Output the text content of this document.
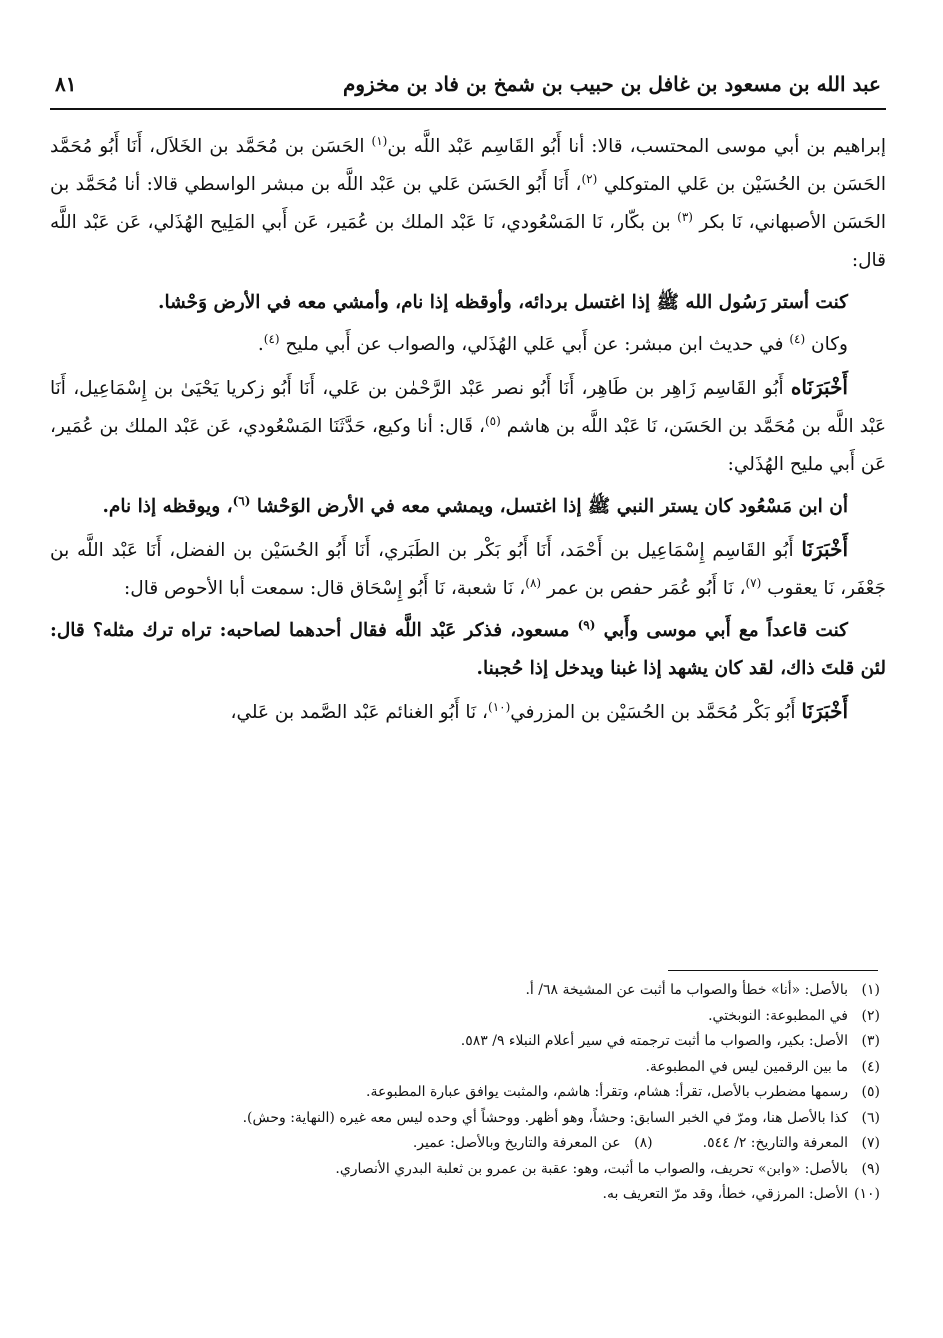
عبد الله بن مسعود بن غافل بن حبيب بن شمخ بن فاد بن مخزوم
٨١

إبراهيم بن أبي موسى المحتسب، قالا: أنا أَبُو القَاسِم عَبْد اللَّه بن$^{(١)}$ الحَسَن بن مُحَمَّد بن الخَلاَل، أَنَا أَبُو مُحَمَّد الحَسَن بن الحُسَيْن بن عَلي المتوكلي $^{(٢)}$، أَنَا أَبُو الحَسَن عَلي بن عَبْد اللَّه بن مبشر الواسطي قالا: أنا مُحَمَّد بن الحَسَن الأصبهاني، نَا بكر $^{(٣)}$ بن بكّار، نَا المَسْعُودي، نَا عَبْد الملك بن عُمَير، عَن أَبي المَلِيح الهُذَلي، عَن عَبْد اللَّه قال:

كنت أستر رَسُول الله ﷺ إذا اغتسل بردائه، وأوقظه إذا نام، وأمشي معه في الأرض وَحْشا.

وكان $^{(٤)}$ في حديث ابن مبشر: عن أَبي عَلي الهُذَلي، والصواب عن أَبي مليح $^{(٤)}$.

أَخْبَرَنَاه أَبُو القَاسِم زَاهِر بن طَاهِر، أَنَا أَبُو نصر عَبْد الرَّحْمٰن بن عَلي، أَنَا أَبُو زكريا يَحْيَىٰ بن إِسْمَاعِيل، أَنَا عَبْد اللَّه بن مُحَمَّد بن الحَسَن، نَا عَبْد اللَّه بن هاشم $^{(٥)}$، قَال: أنا وكيع، حَدَّثَنَا المَسْعُودي، عَن عَبْد الملك بن عُمَير، عَن أَبي مليح الهُذَلي:

أن ابن مَسْعُود كان يستر النبي ﷺ إذا اغتسل، ويمشي معه في الأرض الوَحْشا $^{(٦)}$، ويوقظه إذا نام.

أَخْبَرَنَا أَبُو القَاسِم إِسْمَاعِيل بن أَحْمَد، أَنَا أَبُو بَكْر بن الطَبَري، أَنَا أَبُو الحُسَيْن بن الفضل، أَنَا عَبْد اللَّه بن جَعْفَر، نَا يعقوب $^{(٧)}$، نَا أَبُو عُمَر حفص بن عمر $^{(٨)}$، نَا شعبة، نَا أَبُو إِسْحَاق قال: سمعت أبا الأحوص قال:

كنت قاعداً مع أَبي موسى وأَبي $^{(٩)}$ مسعود، فذكر عَبْد اللَّه فقال أحدهما لصاحبه: تراه ترك مثله؟ قال: لئن قلتَ ذاك، لقد كان يشهد إذا غبنا ويدخل إذا حُجبنا.

أَخْبَرَنَا أَبُو بَكْر مُحَمَّد بن الحُسَيْن بن المزرفي$^{(١٠)}$، نَا أَبُو الغنائم عَبْد الصَّمد بن عَلي،

(١)
بالأصل: «أنا» خطأ والصواب ما أثبت عن المشيخة ٦٨/ أ.
(٢)
في المطبوعة: النوبختي.
(٣)
الأصل: بكير، والصواب ما أثبت ترجمته في سير أعلام النبلاء ٩/ ٥٨٣.
(٤)
ما بين الرقمين ليس في المطبوعة.
(٥)
رسمها مضطرب بالأصل، تقرأ: هشام، وتقرأ: هاشم، والمثبت يوافق عبارة المطبوعة.
(٦)
كذا بالأصل هنا، ومرّ في الخبر السابق: وحشاً، وهو أظهر. ووحشاً أي وحده ليس معه غيره (النهاية: وحش).
(٧)
المعرفة والتاريخ: ٢/ ٥٤٤.
(٨)
عن المعرفة والتاريخ وبالأصل: عمير.
(٩)
بالأصل: «وابن» تحريف، والصواب ما أثبت، وهو: عقبة بن عمرو بن ثعلبة البدري الأنصاري.
(١٠)
الأصل: المرزقي، خطأ، وقد مرّ التعريف به.
